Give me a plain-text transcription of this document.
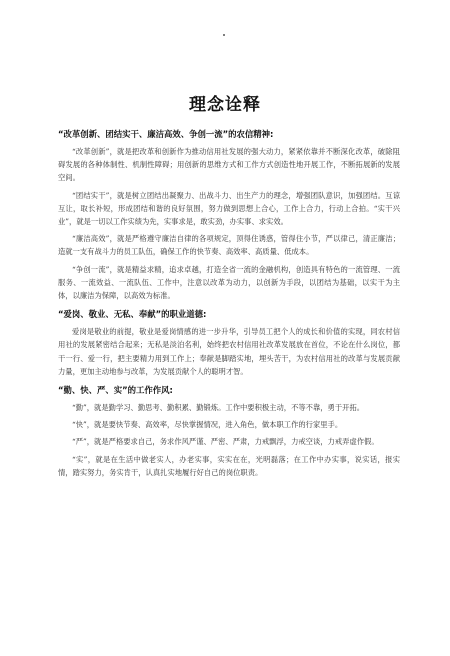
理念诠释
“改革创新、团结实干、廉洁高效、争创一流”的农信精神:

“改革创新”，就是把改革和创新作为推动信用社发展的强大动力，紧紧依靠并不断深化改革，破除阻碍发展的各种体制性、机制性障碍；用创新的思维方式和工作方式创造性地开展工作，不断拓展新的发展空间。

“团结实干”，就是树立团结出凝聚力、出战斗力、出生产力的理念，增强团队意识，加强团结。互谅互让，取长补短，形成团结和谐的良好氛围，努力做到思想上合心，工作上合力，行动上合拍。“实干兴业”，就是一切以工作实绩为先，实事求是，敢实劲，办实事、求实效。

“廉洁高效”，就是严格遵守廉洁自律的各项规定，顶得住诱惑，管得住小节，严以律己，清正廉洁；造就一支有战斗力的员工队伍，确保工作的快节奏、高效率、高质量、低成本。

“争创一流”，就是精益求精，追求卓越，打造全省一流的金融机构，创造具有特色的一流管理、一流服务、一流效益、一流队伍、工作中，注意以改革为动力，以创新为手段，以团结为基础，以实干为主体，以廉洁为保障，以高效为标准。

“爱岗、敬业、无私、奉献”的职业道德:

爱岗是敬业的前提，敬业是爱岗情感的进一步升华，引导员工把个人的成长和价值的实现，同农村信用社的发展紧密结合起来；无私是淡泊名利，始终把农村信用社改革发展放在首位，不论在什么岗位，都干一行、爱一行，把主要精力用到工作上；奉献是脚踏实地，埋头苦干，为农村信用社的改革与发展贡献力量，更加主动地参与改革，为发展贡献个人的聪明才智。

“勤、快、严、实”的工作作风:

“勤”，就是勤学习、勤思考、勤积累、勤锻炼。工作中要积极主动，不等不靠，勇于开拓。

“快”，就是要快节奏、高效率，尽快掌握情况，进入角色，做本职工作的行家里手。

“严”，就是严格要求自己，务求作风严谨、严密、严肃，力戒飘浮，力戒空谈，力戒弄虚作假。

“实”，就是在生活中做老实人，办老实事，实实在在，光明磊落；在工作中办实事，说实话，报实情，踏实努力，务实肯干，认真扎实地履行好自己的岗位职责。
